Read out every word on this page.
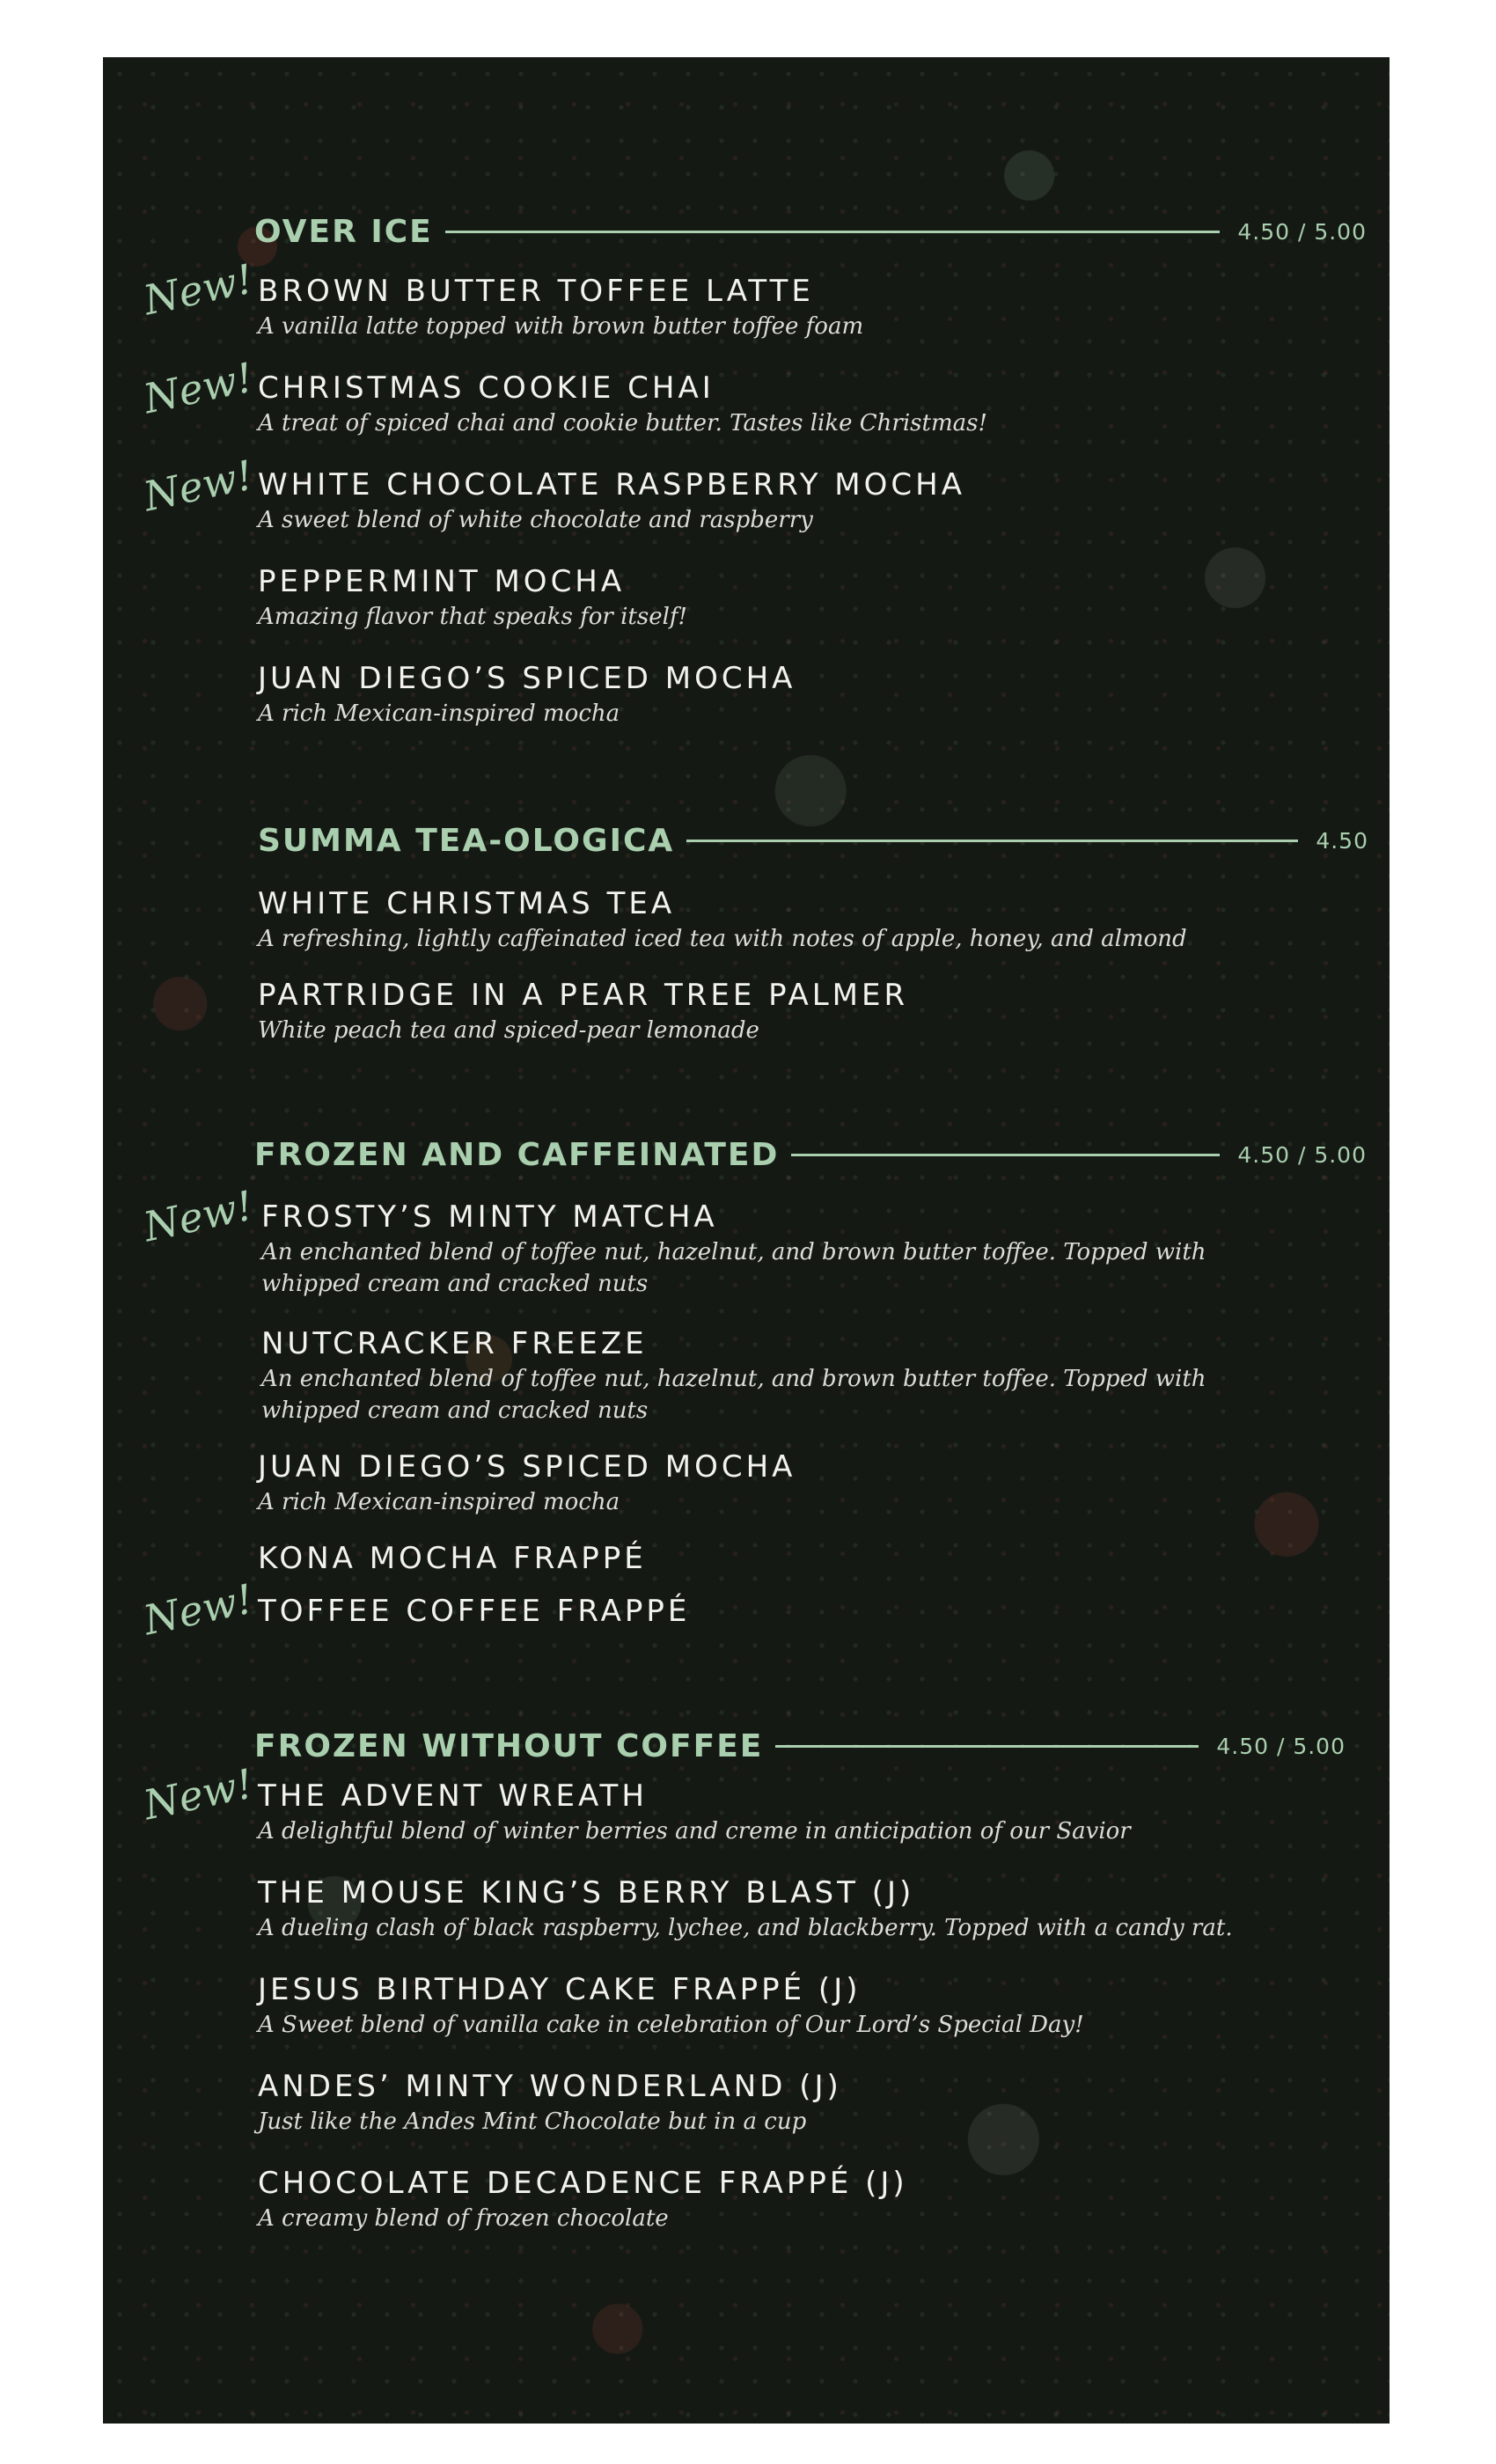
OVER ICE	4.50 / 5.00
New! BROWN BUTTER TOFFEE LATTE
A vanilla latte topped with brown butter toffee foam
New! CHRISTMAS COOKIE CHAI
A treat of spiced chai and cookie butter. Tastes like Christmas!
New! WHITE CHOCOLATE RASPBERRY MOCHA
A sweet blend of white chocolate and raspberry
PEPPERMINT MOCHA
Amazing flavor that speaks for itself!
JUAN DIEGO’S SPICED MOCHA
A rich Mexican-inspired mocha
SUMMA TEA-OLOGICA	4.50
WHITE CHRISTMAS TEA
A refreshing, lightly caffeinated iced tea with notes of apple, honey, and almond
PARTRIDGE IN A PEAR TREE PALMER
White peach tea and spiced-pear lemonade
FROZEN AND CAFFEINATED	4.50 / 5.00
New! FROSTY’S MINTY MATCHA
An enchanted blend of toffee nut, hazelnut, and brown butter toffee. Topped with whipped cream and cracked nuts
NUTCRACKER FREEZE
An enchanted blend of toffee nut, hazelnut, and brown butter toffee. Topped with whipped cream and cracked nuts
JUAN DIEGO’S SPICED MOCHA
A rich Mexican-inspired mocha
KONA MOCHA FRAPPÉ
New! TOFFEE COFFEE FRAPPÉ
FROZEN WITHOUT COFFEE	4.50 / 5.00
New! THE ADVENT WREATH
A delightful blend of winter berries and creme in anticipation of our Savior
THE MOUSE KING’S BERRY BLAST (J)
A dueling clash of black raspberry, lychee, and blackberry. Topped with a candy rat.
JESUS BIRTHDAY CAKE FRAPPÉ (J)
A Sweet blend of vanilla cake in celebration of Our Lord’s Special Day!
ANDES’ MINTY WONDERLAND (J)
Just like the Andes Mint Chocolate but in a cup
CHOCOLATE DECADENCE FRAPPÉ (J)
A creamy blend of frozen chocolate
